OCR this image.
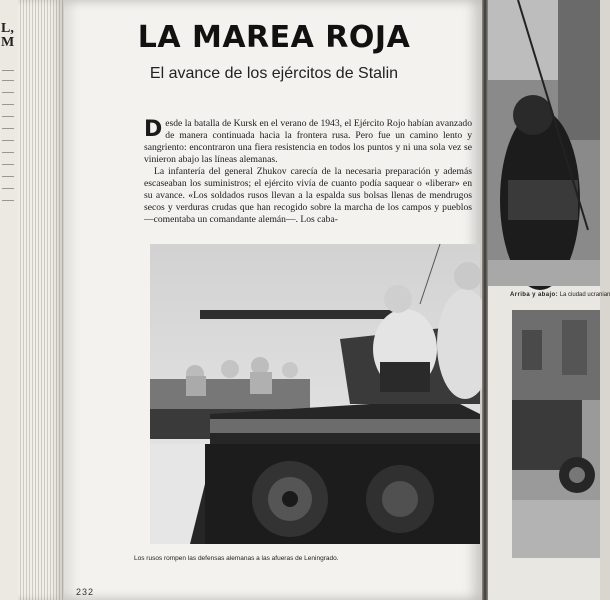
L,
M	LA MAREA ROJA
El avance de los ejércitos de Stalin

Desde la batalla de Kursk en el verano de 1943, el Ejército Rojo habían avanzado de manera continuada hacia la frontera rusa. Pero fue un camino lento y sangriento: encontraron una fiera resistencia en todos los puntos y ni una sola vez se vinieron abajo las líneas alemanas.

La infantería del general Zhukov carecía de la necesaria preparación y además escaseaban los suministros; el ejército vivía de cuanto podía saquear o «liberar» en su avance. «Los soldados rusos llevan a la espalda sus bolsas llenas de mendrugos secos y verduras crudas que han recogido sobre la marcha de los campos y pueblos —comentaba un comandante alemán—. Los caba-

Los rusos rompen las defensas alemanas a las afueras de Leningrado.
232
Arriba y abajo: La ciudad ucranian
